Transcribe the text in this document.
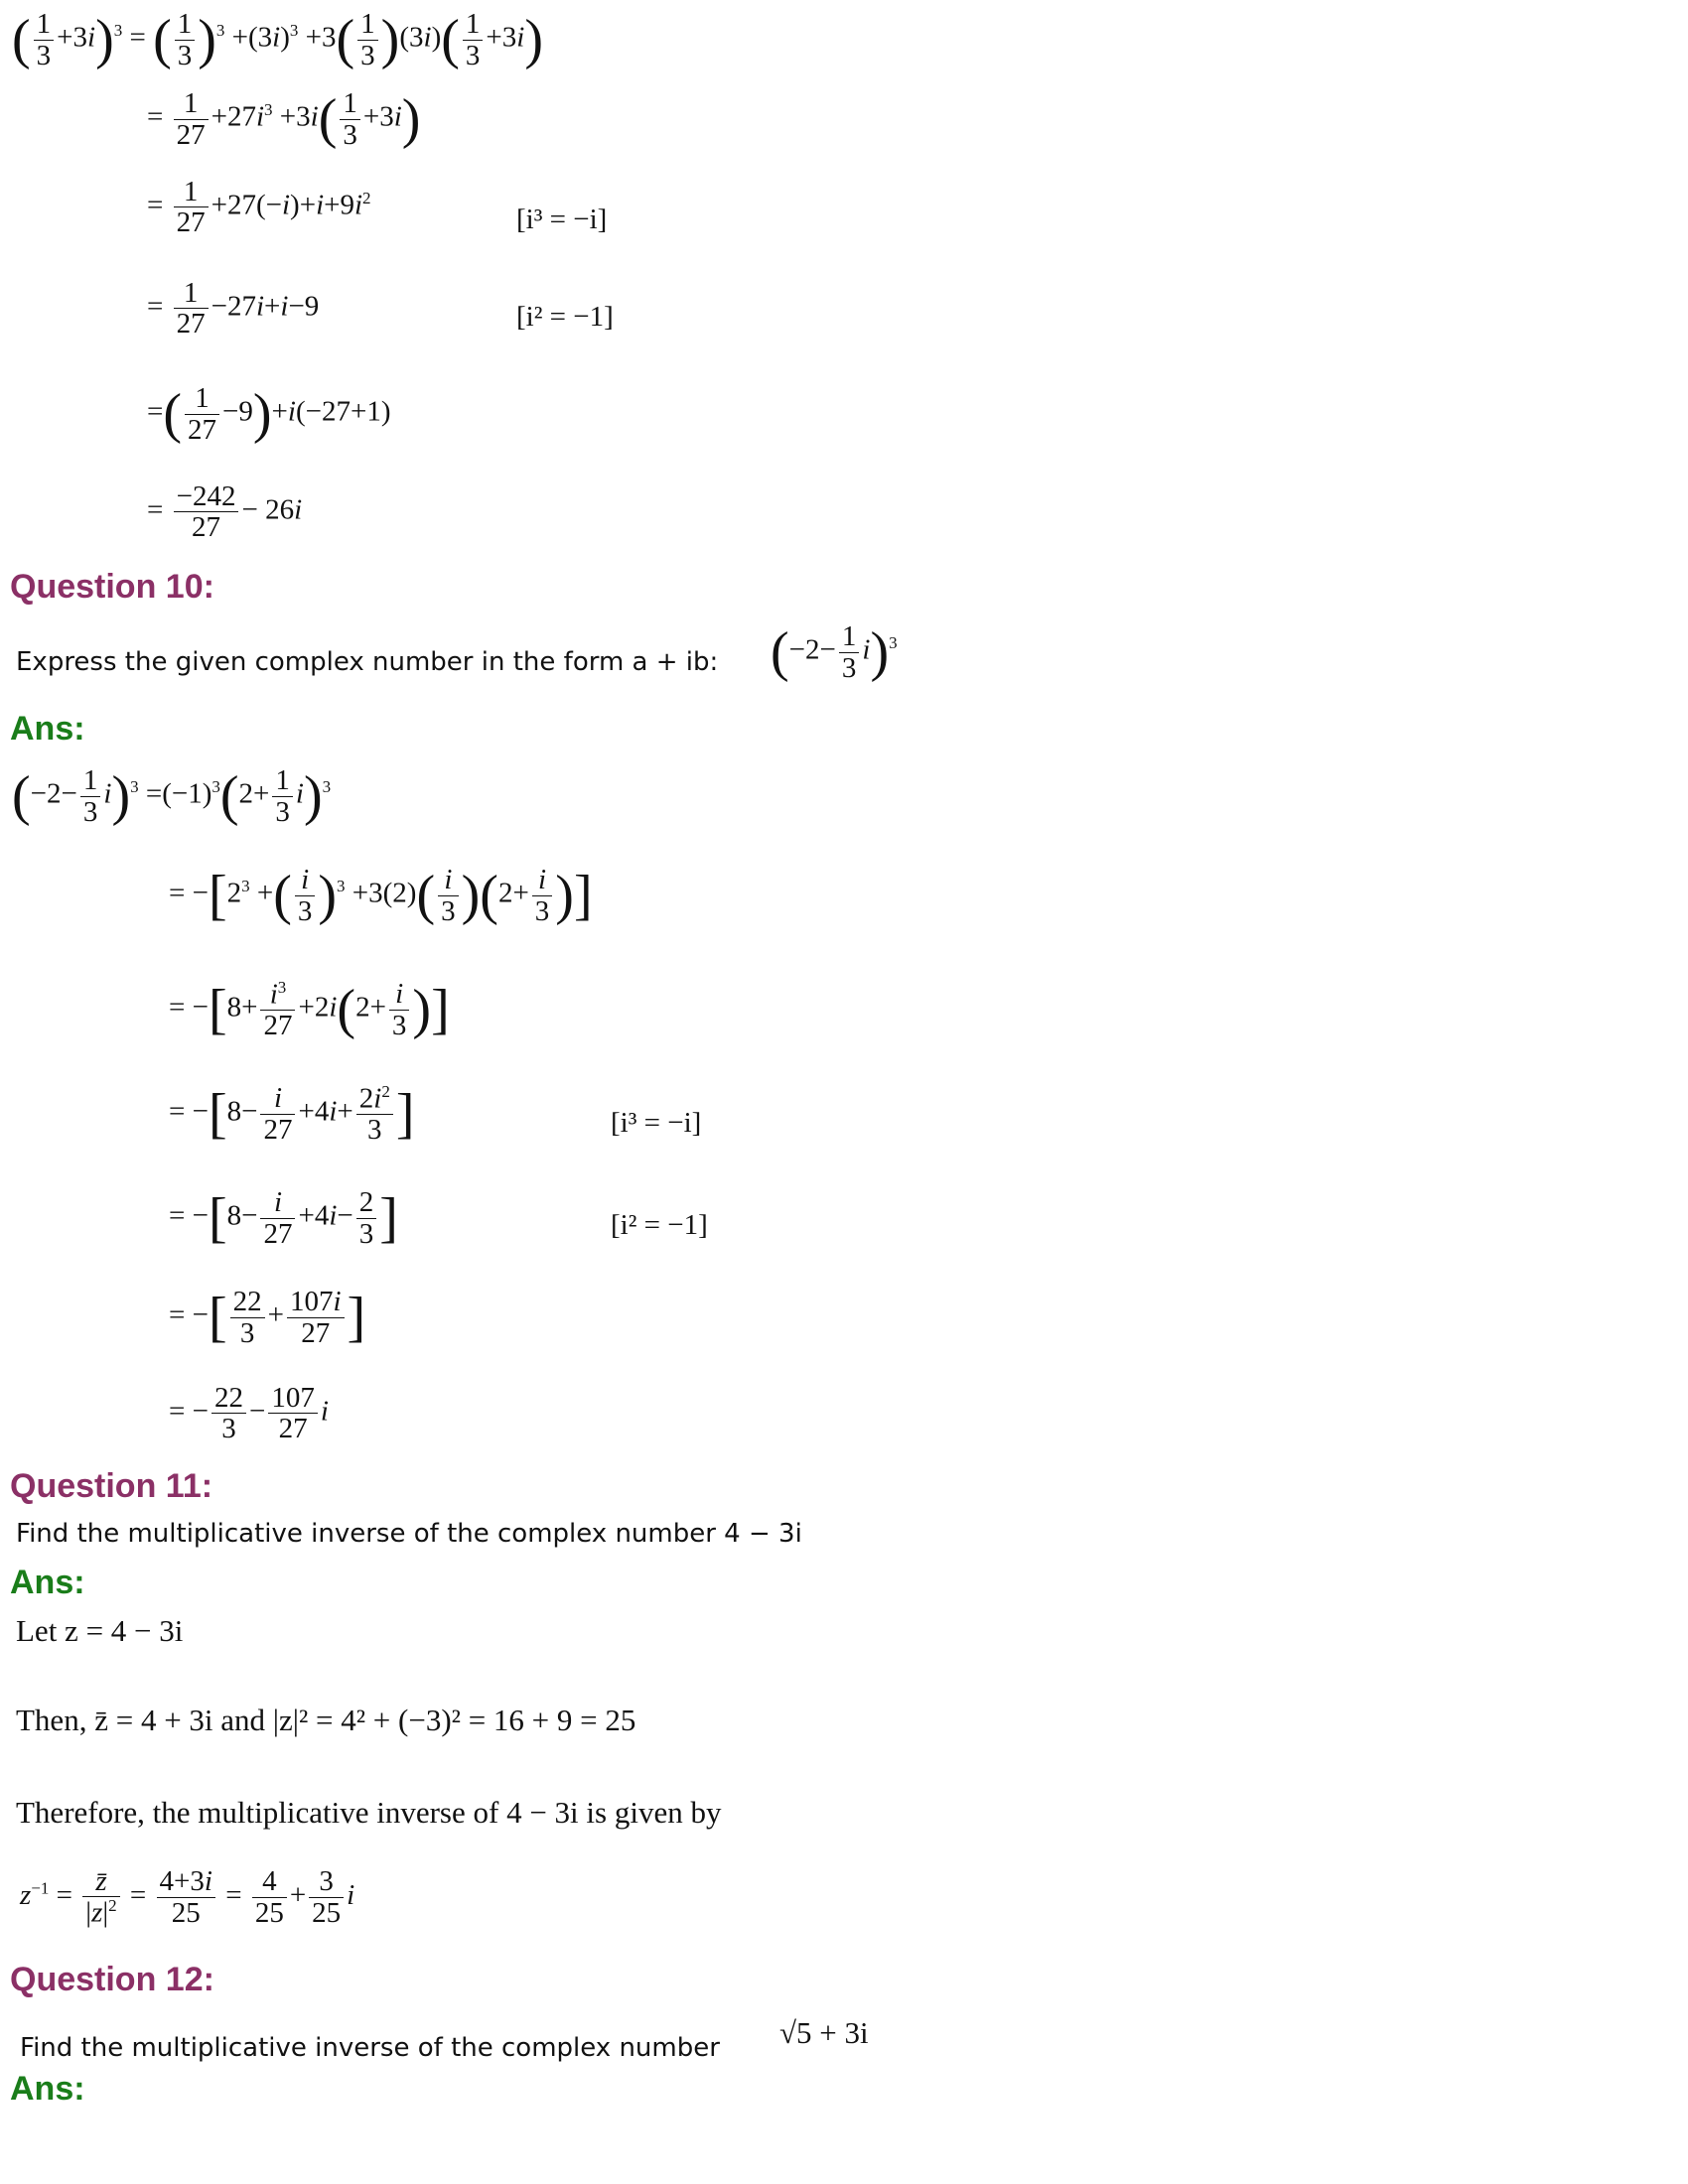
( $\frac{1}{3} +3i)^3$ = ( $\frac{1}{3} )^3 +(3i)^3 +3( \frac{1}{3} )(3i)( \frac{1}{3} +3i)$
= $\frac{1}{27} +27i^3 +3i( \frac{1}{3} +3i)$
= $\frac{1}{27} +27(-i)+i+9i^2$
[i³ = −i]
= $\frac{1}{27} -27i+i-9$	[i² = −1]
=( $\frac{1}{27} -9)+i(-27+1)$
= $\frac{-242}{27} - 26i$
Question 10:
Express the given complex number in the form a + ib: $(-2- \frac{1}{3} i)^3$
Ans:
$(-2- \frac{1}{3} i)^3 =(-1)^3(2+ \frac{1}{3} i)^3$
= $-[2^3$ +( $\frac{i}{3} )^3 +3(2)( \frac{i}{3} )(2+ \frac{i}{3}$ )]
= $-[8+ \frac{i^3}{27} +2i(2+ \frac{i}{3}$ )]
= $-[8- \frac{i}{27} +4i+ \frac{2i^2}{3}$ ]	[i³ = −i]
= $-[8- \frac{i}{27} +4i- \frac{2}{3}$ ]	[i² = −1]
= −[ $\frac{22}{3} + \frac{107i}{27}$ ]
= − $\frac{22}{3} - \frac{107}{27}$ i
Question 11:
Find the multiplicative inverse of the complex number 4 − 3i
Ans:
Let z = 4 − 3i
Then, z̄ = 4 + 3i and |z|² = 4² + (−3)² = 16 + 9 = 25
Therefore, the multiplicative inverse of 4 − 3i is given by
$z^{-1} = \frac{z̄}{|z|^2} = \frac{4+3i}{25} = \frac{4}{25} + \frac{3}{25}$ i
Question 12:
Find the multiplicative inverse of the complex number √5 + 3i
Ans:
